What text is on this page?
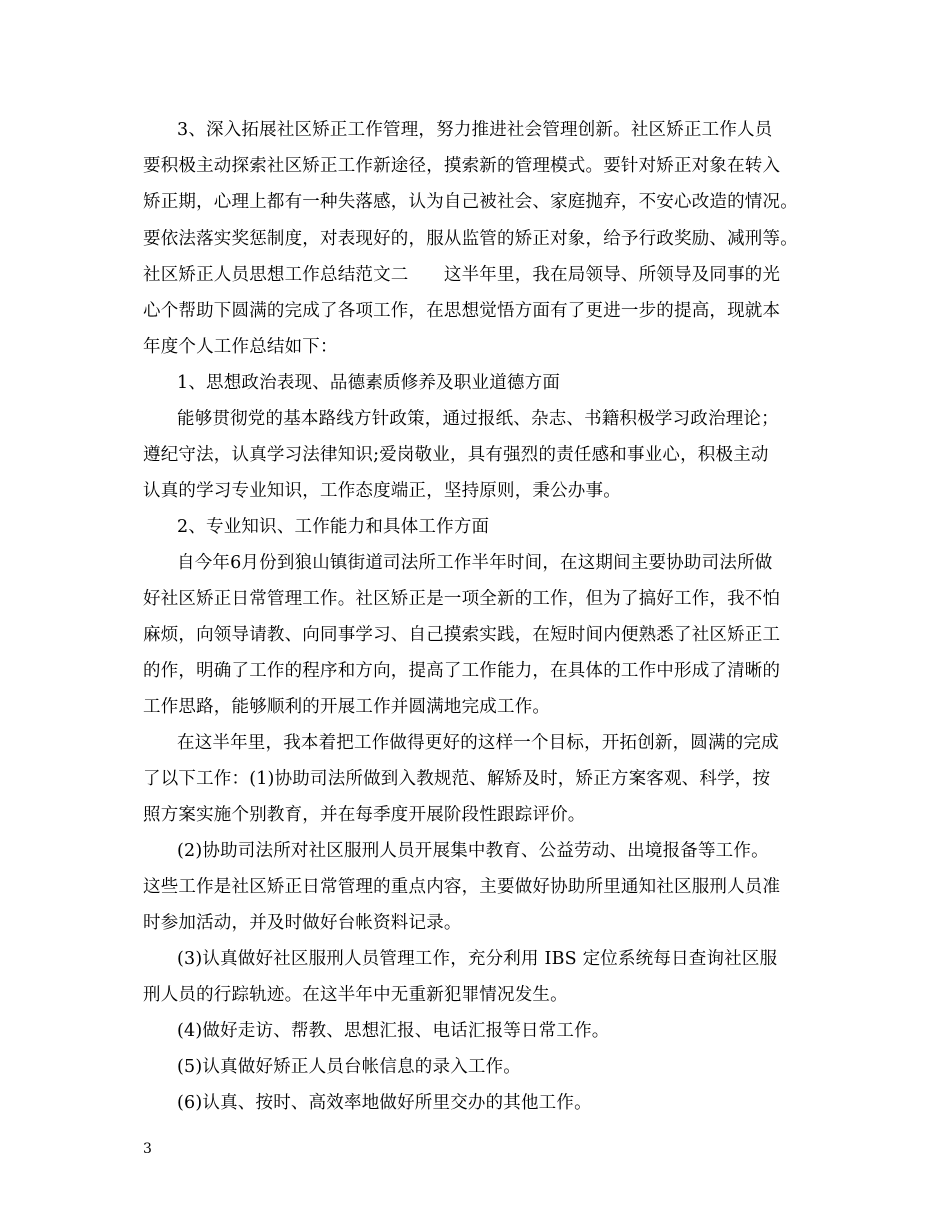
3、深入拓展社区矫正工作管理，努力推进社会管理创新。社区矫正工作人员
要积极主动探索社区矫正工作新途径，摸索新的管理模式。要针对矫正对象在转入
矫正期，心理上都有一种失落感，认为自己被社会、家庭抛弃，不安心改造的情况。
要依法落实奖惩制度，对表现好的，服从监管的矫正对象，给予行政奖励、减刑等。
社区矫正人员思想工作总结范文二　　这半年里，我在局领导、所领导及同事的光
心个帮助下圆满的完成了各项工作，在思想觉悟方面有了更进一步的提高，现就本
年度个人工作总结如下：
1、思想政治表现、品德素质修养及职业道德方面
能够贯彻党的基本路线方针政策，通过报纸、杂志、书籍积极学习政治理论；
遵纪守法，认真学习法律知识;爱岗敬业，具有强烈的责任感和事业心，积极主动
认真的学习专业知识，工作态度端正，坚持原则，秉公办事。
2、专业知识、工作能力和具体工作方面
自今年6月份到狼山镇街道司法所工作半年时间，在这期间主要协助司法所做
好社区矫正日常管理工作。社区矫正是一项全新的工作，但为了搞好工作，我不怕
麻烦，向领导请教、向同事学习、自己摸索实践，在短时间内便熟悉了社区矫正工
的作，明确了工作的程序和方向，提高了工作能力，在具体的工作中形成了清晰的
工作思路，能够顺利的开展工作并圆满地完成工作。
在这半年里，我本着把工作做得更好的这样一个目标，开拓创新，圆满的完成
了以下工作：(1)协助司法所做到入教规范、解矫及时，矫正方案客观、科学，按
照方案实施个别教育，并在每季度开展阶段性跟踪评价。
(2)协助司法所对社区服刑人员开展集中教育、公益劳动、出境报备等工作。
这些工作是社区矫正日常管理的重点内容，主要做好协助所里通知社区服刑人员准
时参加活动，并及时做好台帐资料记录。
(3)认真做好社区服刑人员管理工作，充分利用 IBS 定位系统每日查询社区服
刑人员的行踪轨迹。在这半年中无重新犯罪情况发生。
(4)做好走访、帮教、思想汇报、电话汇报等日常工作。
(5)认真做好矫正人员台帐信息的录入工作。
(6)认真、按时、高效率地做好所里交办的其他工作。
3
